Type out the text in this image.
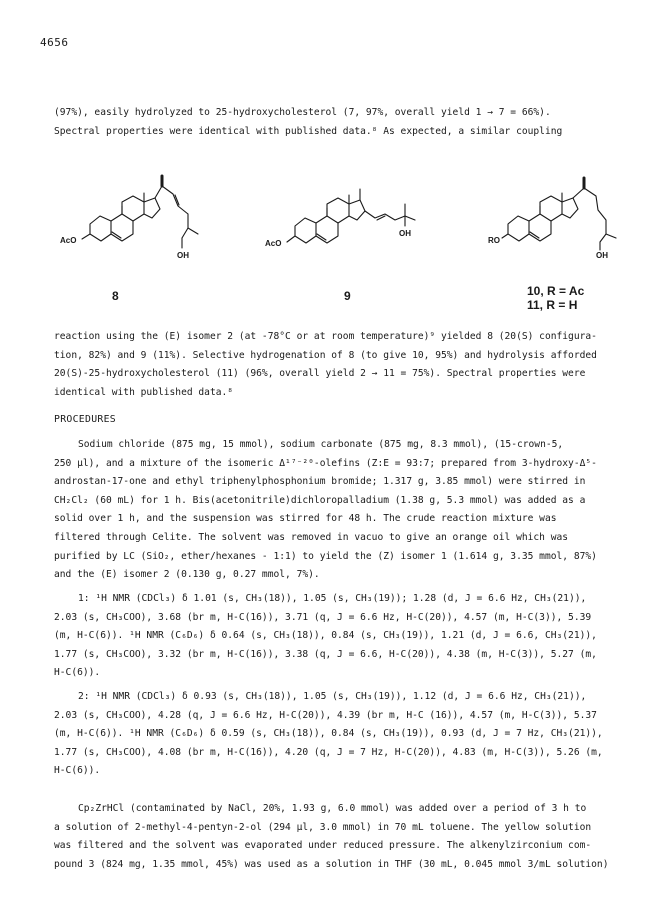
4656
(97%), easily hydrolyzed to 25-hydroxycholesterol (7, 97%, overall yield 1 → 7 = 66%).
Spectral properties were identical with published data.⁸ As expected, a similar coupling
AcO
OH
8
AcO
OH
9
RO
OH
10, R = Ac
11, R = H
reaction using the (E) isomer 2 (at -78°C or at room temperature)⁹ yielded 8 (20(S) configura-
tion, 82%) and 9 (11%). Selective hydrogenation of 8 (to give 10, 95%) and hydrolysis afforded
20(S)-25-hydroxycholesterol (11) (96%, overall yield 2 → 11 = 75%). Spectral properties were
identical with published data.⁸
PROCEDURES
Sodium chloride (875 mg, 15 mmol), sodium carbonate (875 mg, 8.3 mmol), (15-crown-5,
250 μl), and a mixture of the isomeric Δ¹⁷⁻²⁰-olefins (Z:E = 93:7; prepared from 3-hydroxy-Δ⁵-
androstan-17-one and ethyl triphenylphosphonium bromide; 1.317 g, 3.85 mmol) were stirred in
CH₂Cl₂ (60 mL) for 1 h. Bis(acetonitrile)dichloropalladium (1.38 g, 5.3 mmol) was added as a
solid over 1 h, and the suspension was stirred for 48 h. The crude reaction mixture was
filtered through Celite. The solvent was removed in vacuo to give an orange oil which was
purified by LC (SiO₂, ether/hexanes - 1:1) to yield the (Z) isomer 1 (1.614 g, 3.35 mmol, 87%)
and the (E) isomer 2 (0.130 g, 0.27 mmol, 7%).
1: ¹H NMR (CDCl₃) δ 1.01 (s, CH₃(18)), 1.05 (s, CH₃(19)); 1.28 (d, J = 6.6 Hz, CH₃(21)),
2.03 (s, CH₃COO), 3.68 (br m, H-C(16)), 3.71 (q, J = 6.6 Hz, H-C(20)), 4.57 (m, H-C(3)), 5.39
(m, H-C(6)). ¹H NMR (C₆D₆) δ 0.64 (s, CH₃(18)), 0.84 (s, CH₃(19)), 1.21 (d, J = 6.6, CH₃(21)),
1.77 (s, CH₃COO), 3.32 (br m, H-C(16)), 3.38 (q, J = 6.6, H-C(20)), 4.38 (m, H-C(3)), 5.27 (m,
H-C(6)).
2: ¹H NMR (CDCl₃) δ 0.93 (s, CH₃(18)), 1.05 (s, CH₃(19)), 1.12 (d, J = 6.6 Hz, CH₃(21)),
2.03 (s, CH₃COO), 4.28 (q, J = 6.6 Hz, H-C(20)), 4.39 (br m, H-C (16)), 4.57 (m, H-C(3)), 5.37
(m, H-C(6)). ¹H NMR (C₆D₆) δ 0.59 (s, CH₃(18)), 0.84 (s, CH₃(19)), 0.93 (d, J = 7 Hz, CH₃(21)),
1.77 (s, CH₃COO), 4.08 (br m, H-C(16)), 4.20 (q, J = 7 Hz, H-C(20)), 4.83 (m, H-C(3)), 5.26 (m,
H-C(6)).
Cp₂ZrHCl (contaminated by NaCl, 20%, 1.93 g, 6.0 mmol) was added over a period of 3 h to
a solution of 2-methyl-4-pentyn-2-ol (294 μl, 3.0 mmol) in 70 mL toluene. The yellow solution
was filtered and the solvent was evaporated under reduced pressure. The alkenylzirconium com-
pound 3 (824 mg, 1.35 mmol, 45%) was used as a solution in THF (30 mL, 0.045 mmol 3/mL solution)
